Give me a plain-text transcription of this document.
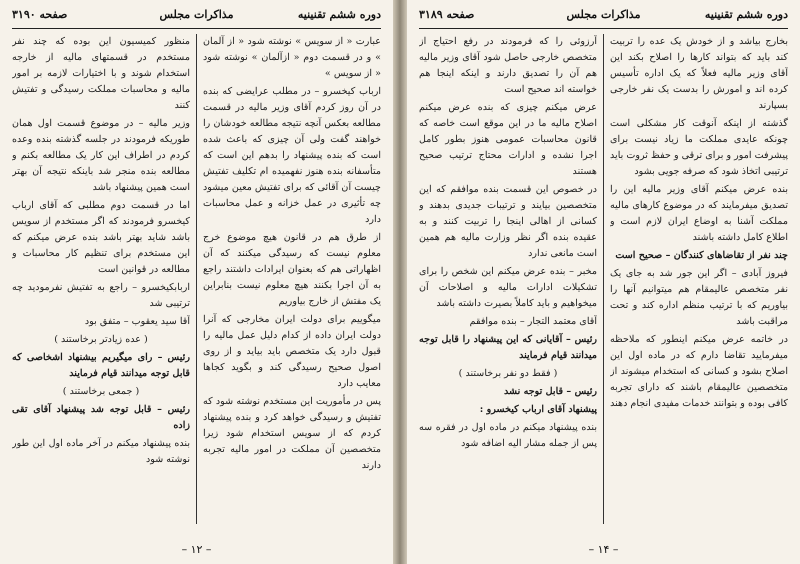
دوره ششم تقنینیه
مذاکرات مجلس
صفحه ۳۱۹۰

عبارت « از سویس » نوشته شود « از آلمان » و در قسمت دوم « ازآلمان » نوشته شود « از سویس »

ارباب کیخسرو – در مطلب عرایضی که بنده در آن روز کردم آقای وزیر مالیه در قسمت مطالعه بعکس آنچه نتیجه مطالعه خودشان را خواهند گفت ولی آن چیزی که باعث شده است که بنده پیشنهاد را بدهم این است که متأسفانه بنده هنوز نفهمیده ام تکلیف تفتیش چیست آن آقائی که برای تفتیش معین میشود چه تأثیری در عمل خزانه و عمل محاسبات دارد

از طرق هم در قانون هیچ موضوع خرج معلوم نیست که رسیدگی میکنند که آن اظهاراتی هم که بعنوان ایرادات داشتند راجع به آن اجرا بکنند هیچ معلوم نیست بنابراین یک مفتش از خارج بیاوریم

میگوییم برای دولت ایران مخارجی که آنرا دولت ایران داده از کدام دلیل عمل مالیه را قبول دارد یک متخصص باید بیاید و از روی اصول صحیح رسیدگی کند و بگوید کجاها معایب دارد

پس در مأموریت این مستخدم نوشته شود که تفتیش و رسیدگی خواهد کرد و بنده پیشنهاد کردم که از سویس استخدام شود زیرا متخصصین آن مملکت در امور مالیه تجربه دارند

منظور کمیسیون این بوده که چند نفر مستخدم در قسمتهای مالیه از خارجه استخدام شوند و با اختیارات لازمه بر امور مالیه و محاسبات مملکت رسیدگی و تفتیش کنند

وزیر مالیه – در موضوع قسمت اول همان طوریکه فرمودند در جلسه گذشته بنده وعده کردم در اطراف این کار یک مطالعه بکنم و مطالعه بنده منجر شد باینکه نتیجه آن بهتر است همین پیشنهاد باشد

اما در قسمت دوم مطلبی که آقای ارباب کیخسرو فرمودند که اگر مستخدم از سویس باشد شاید بهتر باشد بنده عرض میکنم که این مستخدم برای تنظیم کار محاسبات و مطالعه در قوانین است

اربابکیخسرو – راجع به تفتیش نفرمودید چه ترتیبی شد

آقا سید یعقوب – متفق بود

( عده زیادتر برخاستند )

رئیس – رای میگیریم بیشنهاد اشخاصی که قابل توجه میدانند قیام فرمایند

( جمعی برخاستند )

رئیس – قابل توجه شد پیشنهاد آقای تقی زاده

بنده پیشنهاد میکنم در آخر ماده اول این طور نوشته شود

– ۱۲ –
دوره ششم تقنینیه
مذاکرات مجلس
صفحه ۳۱۸۹

بخارج بیاشد و از خودش یک عده را تربیت کند باید که بتواند کارها را اصلاح بکند این آقای وزیر مالیه فعلاً که یک اداره تأسیس کرده اند و امورش را بدست یک نفر خارجی بسپارند

گذشته از اینکه آنوقت کار مشکلی است چونکه عایدی مملکت ما زیاد نیست برای پیشرفت امور و برای ترقی و حفظ ثروت باید ترتیبی اتخاذ شود که صرفه جویی بشود

بنده عرض میکنم آقای وزیر مالیه این را تصدیق میفرمایند که در موضوع کارهای مالیه مملکت آشنا به اوضاع ایران لازم است و اطلاع کامل داشته باشند

چند نفر از تقاضاهای کنندگان – صحیح است

فیروز آبادی – اگر این جور شد به جای یک نفر متخصص عالیمقام هم میتوانیم آنها را بیاوریم که با ترتیب منظم اداره کند و تحت مراقبت باشد

در خاتمه عرض میکنم اینطور که ملاحظه میفرمایید تقاضا دارم که در ماده اول این اصلاح بشود و کسانی که استخدام میشوند از متخصصین عالیمقام باشند که دارای تجربه کافی بوده و بتوانند خدمات مفیدی انجام دهند

آرزوئی را که فرمودند در رفع احتیاج از متخصص خارجی حاصل شود آقای وزیر مالیه هم آن را تصدیق دارند و اینکه اینجا هم خواسته اند صحیح است

عرض میکنم چیزی که بنده عرض میکنم اصلاح مالیه ما در این موقع است خاصه که قانون محاسبات عمومی هنوز بطور کامل اجرا نشده و ادارات محتاج ترتیب صحیح هستند

در خصوص این قسمت بنده موافقم که این متخصصین بیایند و ترتیبات جدیدی بدهند و کسانی از اهالی اینجا را تربیت کنند و به عقیده بنده اگر نظر وزارت مالیه هم همین است مانعی ندارد

مخبر – بنده عرض میکنم این شخص را برای تشکیلات ادارات مالیه و اصلاحات آن میخواهیم و باید کاملاً بصیرت داشته باشد

آقای معتمد التجار – بنده موافقم

رئیس – آقایانی که این پیشنهاد را قابل توجه میدانند قیام فرمایند

( فقط دو نفر برخاستند )

رئیس – قابل توجه نشد

پیشنهاد آقای ارباب کیخسرو :

بنده پیشنهاد میکنم در ماده اول در فقره سه پس از جمله مشار الیه اضافه شود

– ۱۴ –
